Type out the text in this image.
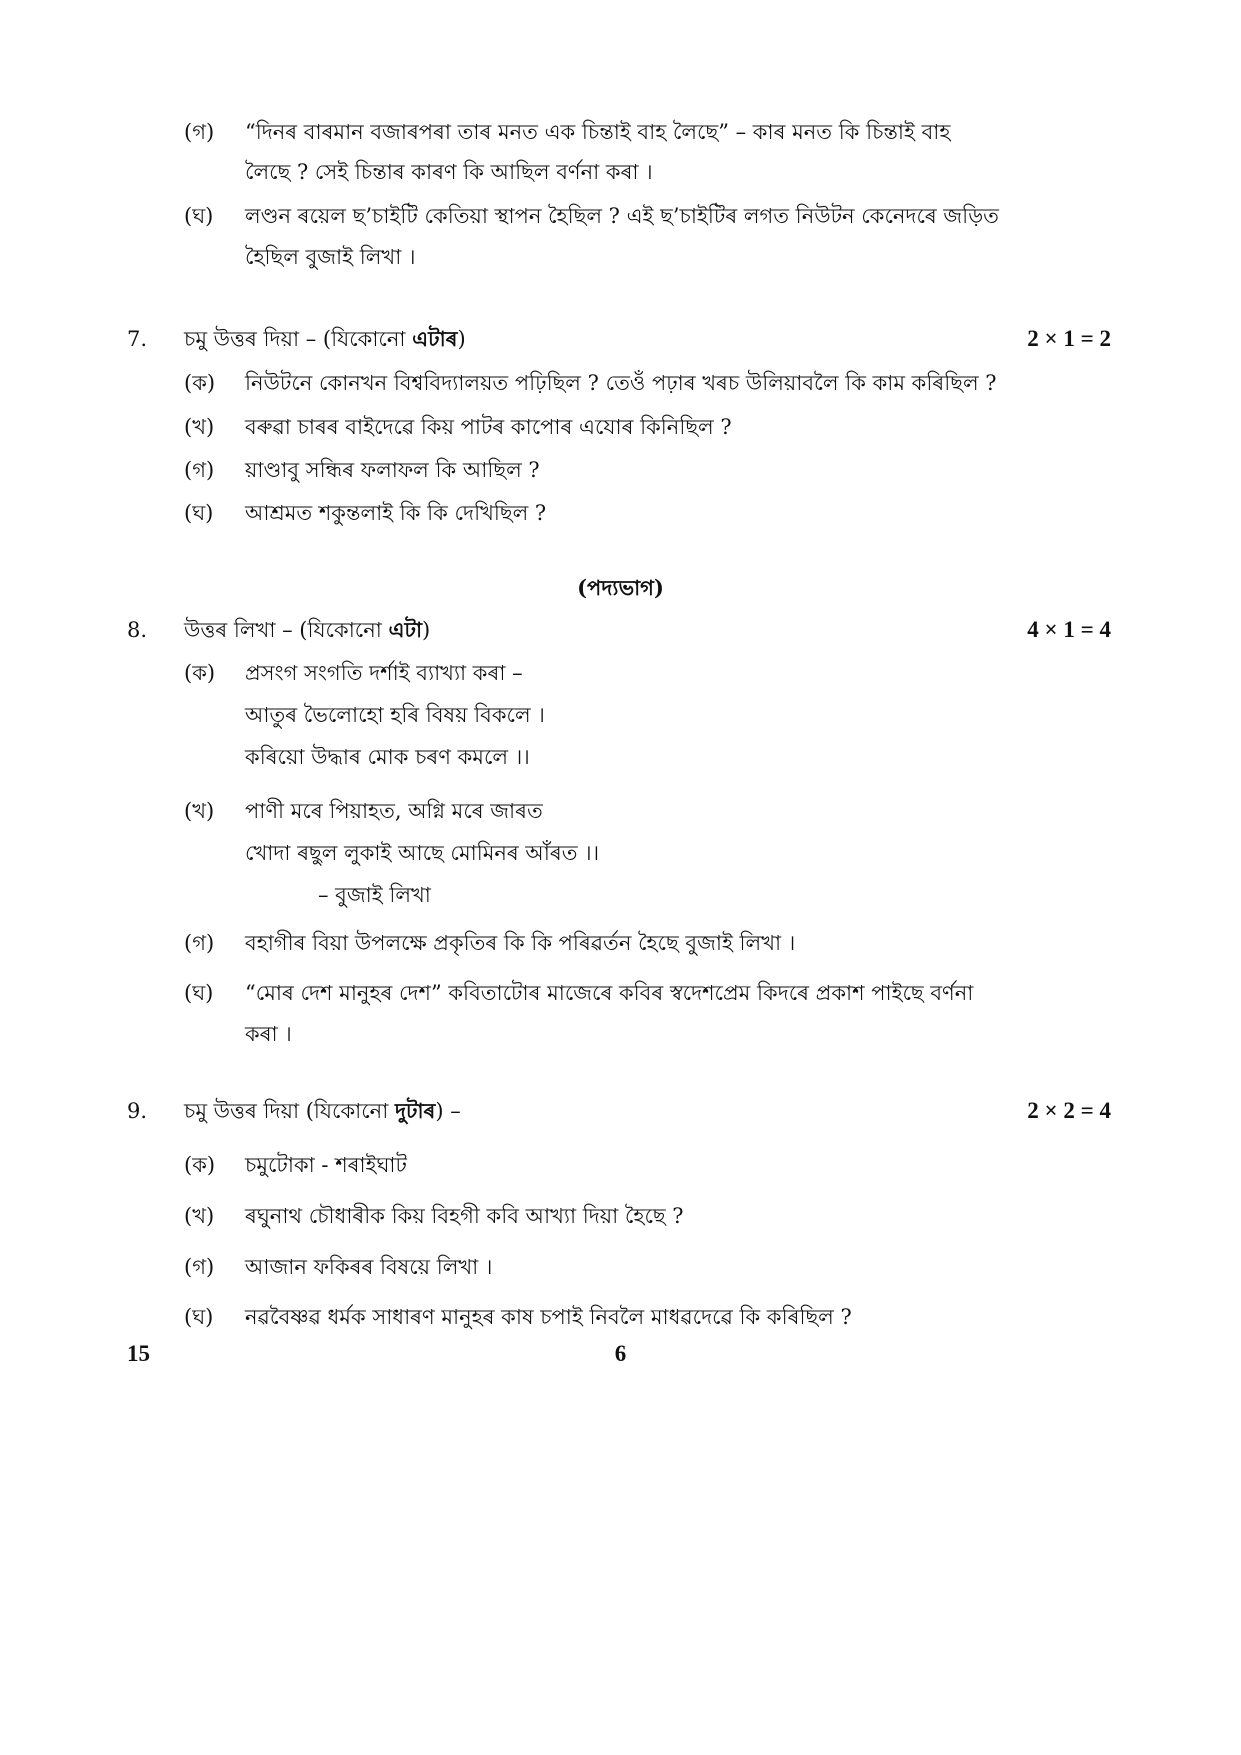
(গ) “দিনৰ বাৰমান বজাৰপৰা তাৰ মনত এক চিন্তাই বাহ লৈছে” – কাৰ মনত কি চিন্তাই বাহ
লৈছে ? সেই চিন্তাৰ কাৰণ কি আছিল বৰ্ণনা কৰা ।
(ঘ) লণ্ডন ৰয়েল ছ’চাইটি কেতিয়া স্থাপন হৈছিল ? এই ছ’চাইটিৰ লগত নিউটন কেনেদৰে জড়িত
হৈছিল বুজাই লিখা ।
7. চমু উত্তৰ দিয়া – (যিকোনো এটাৰ)	2 × 1 = 2
(ক) নিউটনে কোনখন বিশ্ববিদ্যালয়ত পঢ়িছিল ? তেওঁ পঢ়াৰ খৰচ উলিয়াবলৈ কি কাম কৰিছিল ?
(খ) বৰুৱা চাৰৰ বাইদেৱে কিয় পাটৰ কাপোৰ এযোৰ কিনিছিল ?
(গ) য়াণ্ডাবু সন্ধিৰ ফলাফল কি আছিল ?
(ঘ) আশ্ৰমত শকুন্তলাই কি কি দেখিছিল ?
(পদ্যভাগ)
8. উত্তৰ লিখা – (যিকোনো এটা)	4 × 1 = 4
(ক) প্ৰসংগ সংগতি দৰ্শাই ব্যাখ্যা কৰা –
আতুৰ ভৈলোহো হৰি বিষয় বিকলে ।
কৰিয়ো উদ্ধাৰ মোক চৰণ কমলে ।।
(খ) পাণী মৰে পিয়াহত, অগ্নি মৰে জাৰত
খোদা ৰছুল লুকাই আছে মোমিনৰ আঁৰত ।।
– বুজাই লিখা
(গ) বহাগীৰ বিয়া উপলক্ষে প্ৰকৃতিৰ কি কি পৰিৱৰ্তন হৈছে বুজাই লিখা ।
(ঘ) “মোৰ দেশ মানুহৰ দেশ” কবিতাটোৰ মাজেৰে কবিৰ স্বদেশপ্ৰেম কিদৰে প্ৰকাশ পাইছে বৰ্ণনা
কৰা ।
9. চমু উত্তৰ দিয়া (যিকোনো দুটাৰ) –	2 × 2 = 4
(ক) চমুটোকা - শৰাইঘাট
(খ) ৰঘুনাথ চৌধাৰীক কিয় বিহগী কবি আখ্যা দিয়া হৈছে ?
(গ) আজান ফকিৰৰ বিষয়ে লিখা ।
(ঘ) নৱবৈষ্ণৱ ধৰ্মক সাধাৰণ মানুহৰ কাষ চপাই নিবলৈ মাধৱদেৱে কি কৰিছিল ?
15	6
